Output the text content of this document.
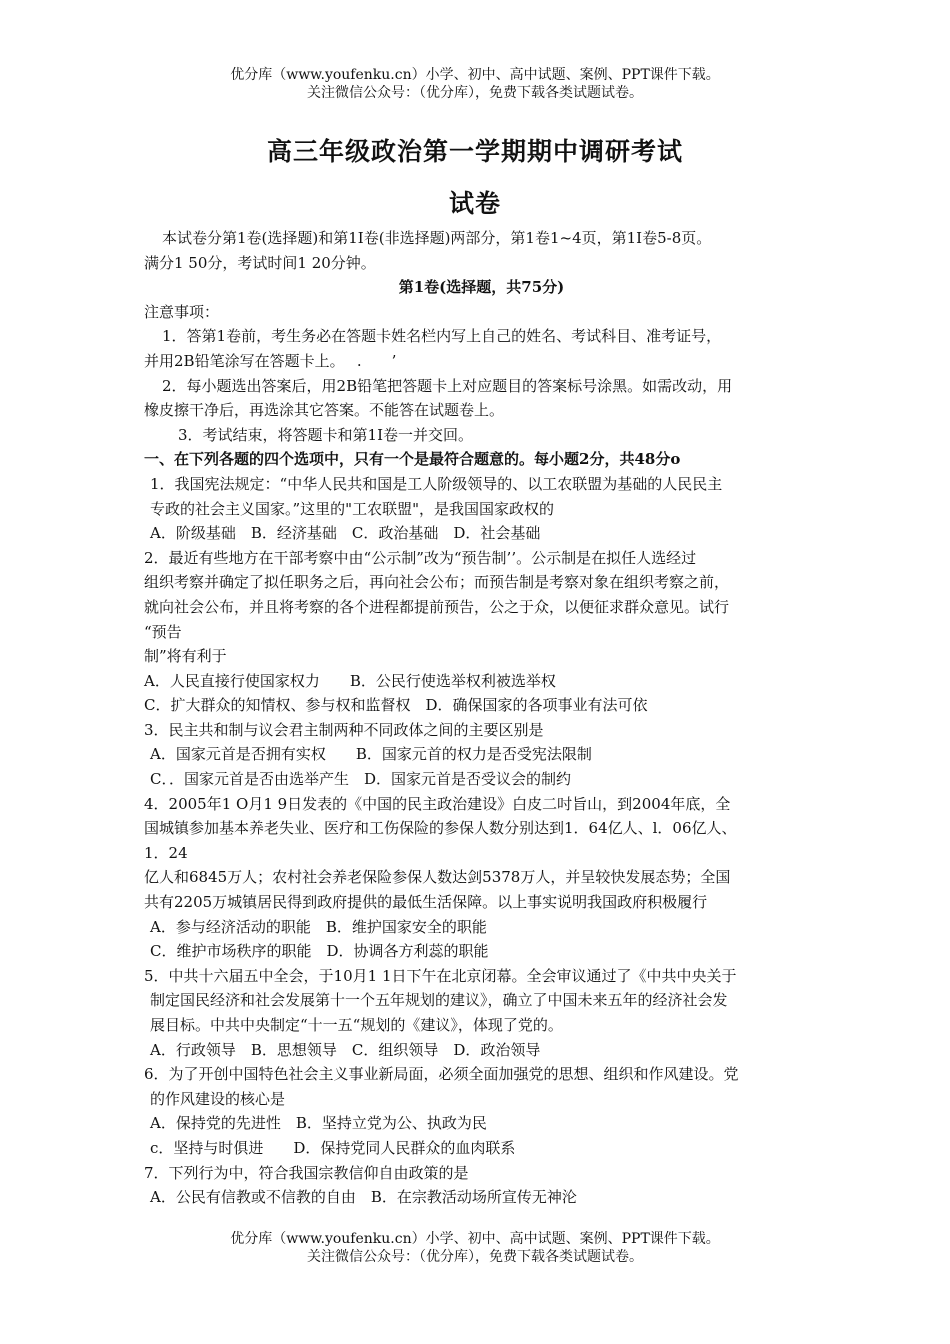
优分库（www.youfenku.cn）小学、初中、高中试题、案例、PPT课件下载。
关注微信公众号：（优分库），免费下载各类试题试卷。
高三年级政治第一学期期中调研考试
试卷
本试卷分第1卷(选择题)和第1I卷(非选择题)两部分，第1卷1~4页，第1I卷5-8页。
满分1 50分，考试时间1 20分钟。
第1卷(选择题，共75分)
注意事项：
1．答第1卷前，考生务必在答题卡姓名栏内写上自己的姓名、考试科目、准考证号，
并用2B铅笔涂写在答题卡上。　 .　　’
2．每小题选出答案后，用2B铅笔把答题卡上对应题目的答案标号涂黑。如需改动，用
橡皮擦干净后，再选涂其它答案。不能答在试题卷上。
3．考试结束，将答题卡和第1I卷一并交回。
一、在下列各题的四个选项中，只有一个是最符合题意的。每小题2分，共48分o
1．我国宪法规定：“中华人民共和国是工人阶级领导的、以工农联盟为基础的人民民主
专政的社会主义国家。”这里的"工农联盟"，是我国国家政权的
A．阶级基础　B．经济基础　C．政治基础　D．社会基础
2．最近有些地方在干部考察中由“公示制”改为“预告制’’。公示制是在拟任人选经过
组织考察并确定了拟任职务之后，再向社会公布；而预告制是考察对象在组织考察之前，
就向社会公布，并且将考察的各个进程都提前预告，公之于众，以便征求群众意见。试行
“预告
制”将有利于
A．人民直接行使国家权力　　B．公民行使选举权利被选举权
C．扩大群众的知情权、参与权和监督权　D．确保国家的各项事业有法可依
3．民主共和制与议会君主制两种不同政体之间的主要区别是
A．国家元首是否拥有实权　　B．国家元首的权力是否受宪法限制
C．．国家元首是否由选举产生　D．国家元首是否受议会的制约
4．2005年1 O月1 9日发表的《中国的民主政治建设》白皮二吋旨山，到2004年底，全
国城镇参加基本养老失业、医疗和工伤保险的参保人数分别达到1．64亿人、l．06亿人、
1．24
亿人和6845万人；农村社会养老保险参保人数达剑5378万人，并呈较快发展态势；全国
共有2205万城镇居民得到政府提供的最低生活保障。以上事实说明我国政府积极履行
A．参与经济活动的职能　B．维护国家安全的职能
C．维护市场秩序的职能　D．协调各方利蕊的职能
5．中共十六届五中全会，于10月1 1日下午在北京闭幕。全会审议通过了《中共中央关于
制定国民经济和社会发展第十一个五年规划的建议》，确立了中国未来五年的经济社会发
展目标。中共中央制定“十一五“规划的《建议》，体现了党的。
A．行政领导　B．思想领导　C．组织领导　D．政治领导
6．为了开创中国特色社会主义事业新局面，必须全面加强党的思想、组织和作风建设。党
的作风建设的核心是
A．保持党的先进性　B．坚持立党为公、执政为民
c．坚持与时俱进　　D．保持党同人民群众的血肉联系
7．下列行为中，符合我国宗教信仰自由政策的是
A．公民有信教或不信教的自由　B．在宗教活动场所宣传无神沦
优分库（www.youfenku.cn）小学、初中、高中试题、案例、PPT课件下载。
关注微信公众号：（优分库），免费下载各类试题试卷。
